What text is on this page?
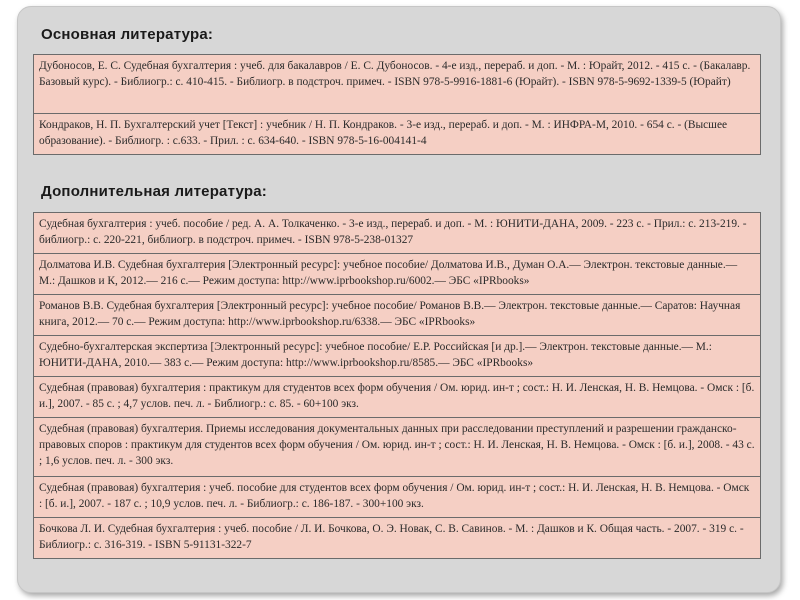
Основная литература:
Дубоносов, Е. С. Судебная бухгалтерия : учеб. для бакалавров / Е. С. Дубоносов. - 4-е изд., перераб. и доп. - М. : Юрайт, 2012. - 415 с. - (Бакалавр. Базовый курс). - Библиогр.: с. 410-415. - Библиогр. в подстроч. примеч. - ISBN 978-5-9916-1881-6 (Юрайт). - ISBN 978-5-9692-1339-5 (Юрайт)
Кондраков, Н. П. Бухгалтерский учет [Текст] : учебник / Н. П. Кондраков. - 3-е изд., перераб. и доп. - М. : ИНФРА-М, 2010. - 654 с. - (Высшее образование). - Библиогр. : с.633. - Прил. : с. 634-640. - ISBN 978-5-16-004141-4
Дополнительная литература:
Судебная бухгалтерия : учеб. пособие / ред. А. А. Толкаченко. - 3-е изд., перераб. и доп. - М. : ЮНИТИ-ДАНА, 2009. - 223 с. - Прил.: с. 213-219. - библиогр.: с. 220-221, библиогр. в подстроч. примеч. - ISBN 978-5-238-01327
Долматова И.В. Судебная бухгалтерия [Электронный ресурс]: учебное пособие/ Долматова И.В., Думан О.А.— Электрон. текстовые данные.— М.: Дашков и К, 2012.— 216 c.— Режим доступа: http://www.iprbookshop.ru/6002.— ЭБС «IPRbooks»
Романов В.В. Судебная бухгалтерия [Электронный ресурс]: учебное пособие/ Романов В.В.— Электрон. текстовые данные.— Саратов: Научная книга, 2012.— 70 c.— Режим доступа: http://www.iprbookshop.ru/6338.— ЭБС «IPRbooks»
Судебно-бухгалтерская экспертиза [Электронный ресурс]: учебное пособие/ Е.Р. Российская [и др.].— Электрон. текстовые данные.— М.: ЮНИТИ-ДАНА, 2010.— 383 c.— Режим доступа: http://www.iprbookshop.ru/8585.— ЭБС «IPRbooks»
Судебная (правовая) бухгалтерия : практикум для студентов всех форм обучения / Ом. юрид. ин-т ; сост.: Н. И. Ленская, Н. В. Немцова. - Омск : [б. и.], 2007. - 85 с. ; 4,7 услов. печ. л. - Библиогр.: с. 85. - 60+100 экз.
Судебная (правовая) бухгалтерия. Приемы исследования документальных данных при расследовании преступлений и разрешении гражданско-правовых споров : практикум для студентов всех форм обучения / Ом. юрид. ин-т ; сост.: Н. И. Ленская, Н. В. Немцова. - Омск : [б. и.], 2008. - 43 с. ; 1,6 услов. печ. л. - 300 экз.
Судебная (правовая) бухгалтерия : учеб. пособие для студентов всех форм обучения / Ом. юрид. ин-т ; сост.: Н. И. Ленская, Н. В. Немцова. - Омск : [б. и.], 2007. - 187 с. ; 10,9 услов. печ. л. - Библиогр.: с. 186-187. - 300+100 экз.
Бочкова Л. И. Судебная бухгалтерия : учеб. пособие / Л. И. Бочкова, О. Э. Новак, С. В. Савинов. - М. : Дашков и К. Общая часть. - 2007. - 319 с. - Библиогр.: с. 316-319. - ISBN 5-91131-322-7
